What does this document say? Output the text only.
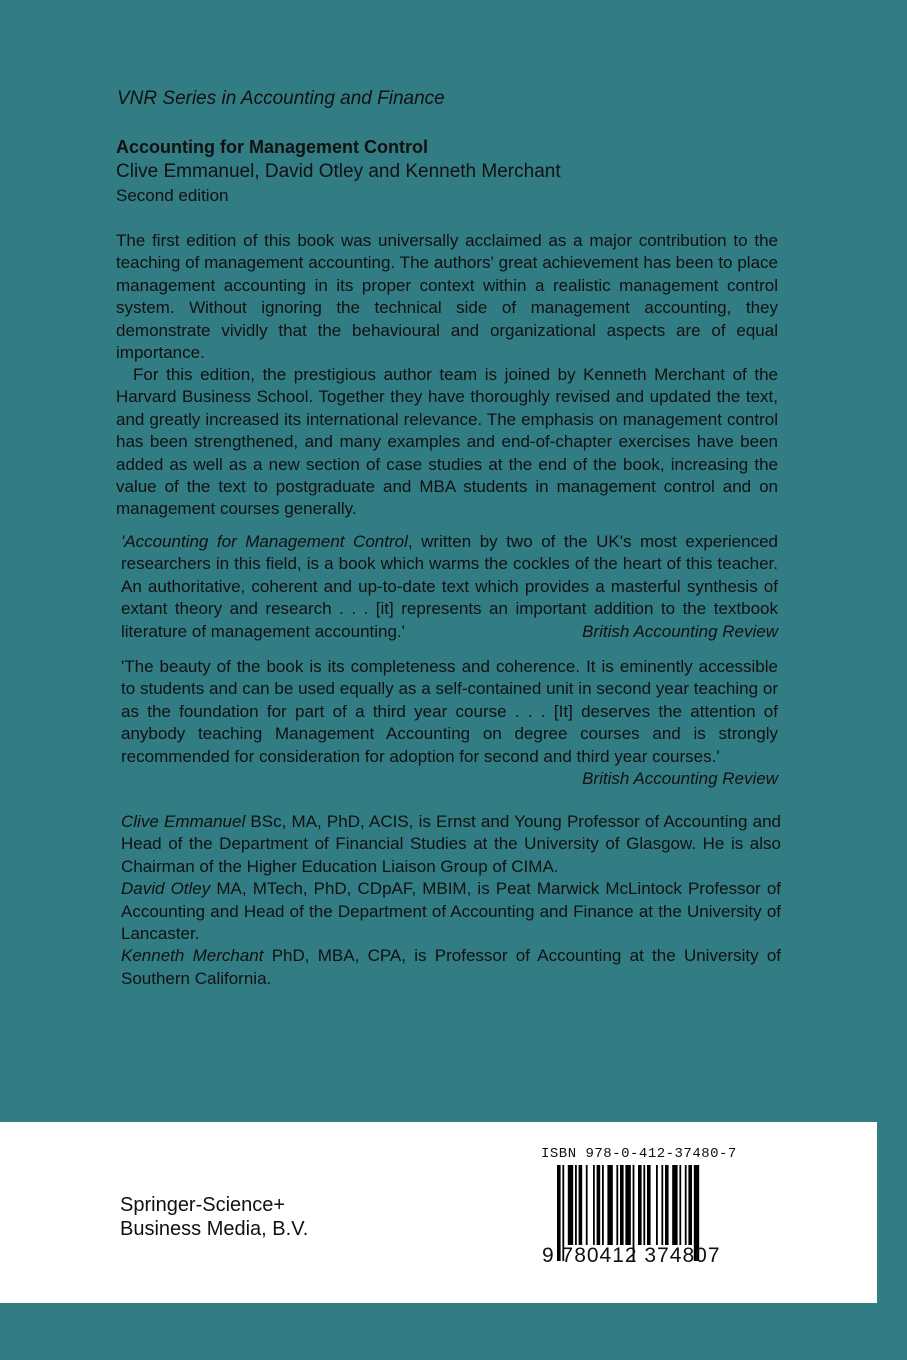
VNR Series in Accounting and Finance
Accounting for Management Control
Clive Emmanuel, David Otley and Kenneth Merchant
Second edition

The first edition of this book was universally acclaimed as a major contribution to the teaching of management accounting. The authors' great achievement has been to place management accounting in its proper context within a realistic management control system. Without ignoring the technical side of management accounting, they demonstrate vividly that the behavioural and organizational aspects are of equal importance.

For this edition, the prestigious author team is joined by Kenneth Merchant of the Harvard Business School. Together they have thoroughly revised and updated the text, and greatly increased its international relevance. The emphasis on management control has been strengthened, and many examples and end-of-chapter exercises have been added as well as a new section of case studies at the end of the book, increasing the value of the text to postgraduate and MBA students in management control and on management courses generally.

'Accounting for Management Control, written by two of the UK's most experienced researchers in this field, is a book which warms the cockles of the heart of this teacher. An authoritative, coherent and up-to-date text which provides a masterful synthesis of extant theory and research . . . [it] represents an important addition to the textbook literature of management accounting.'	British Accounting Review

'The beauty of the book is its completeness and coherence. It is eminently accessible to students and can be used equally as a self-contained unit in second year teaching or as the foundation for part of a third year course . . . [It] deserves the attention of anybody teaching Management Accounting on degree courses and is strongly recommended for consideration for adoption for second and third year courses.'
British Accounting Review

Clive Emmanuel BSc, MA, PhD, ACIS, is Ernst and Young Professor of Accounting and Head of the Department of Financial Studies at the University of Glasgow. He is also Chairman of the Higher Education Liaison Group of CIMA.

David Otley MA, MTech, PhD, CDpAF, MBIM, is Peat Marwick McLintock Professor of Accounting and Head of the Department of Accounting and Finance at the University of Lancaster.

Kenneth Merchant PhD, MBA, CPA, is Professor of Accounting at the University of Southern California.

Springer-Science+
Business Media, B.V.
ISBN 978-0-412-37480-7
9 780412 374807
